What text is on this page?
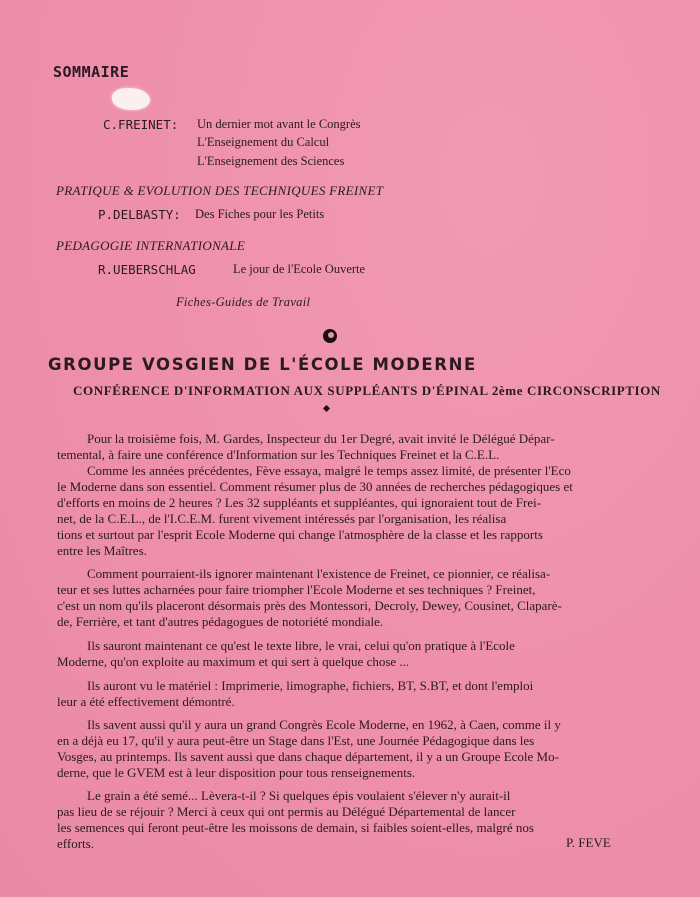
SOMMAIRE
C.FREINET: Un dernier mot avant le Congrès
L'Enseignement du Calcul
L'Enseignement des Sciences
PRATIQUE & EVOLUTION DES TECHNIQUES FREINET
P.DELBASTY: Des Fiches pour les Petits
PEDAGOGIE INTERNATIONALE
R.UEBERSCHLAG	Le jour de l'Ecole Ouverte
Fiches-Guides de Travail
GROUPE VOSGIEN DE L'ÉCOLE MODERNE
CONFÉRENCE D'INFORMATION AUX SUPPLÉANTS D'ÉPINAL 2ème CIRCONSCRIPTION
Pour la troisième fois, M. Gardes, Inspecteur du 1er Degré, avait invité le Délégué Dépar-
temental, à faire une conférence d'Information sur les Techniques Freinet et la C.E.L.
Comme les années précédentes, Fève essaya, malgré le temps assez limité, de présenter l'Eco
le Moderne dans son essentiel. Comment résumer plus de 30 années de recherches pédagogiques et
d'efforts en moins de 2 heures ? Les 32 suppléants et suppléantes, qui ignoraient tout de Frei-
net, de la C.E.L., de l'I.C.E.M. furent vivement intéressés par l'organisation, les réalisa
tions et surtout par l'esprit Ecole Moderne qui change l'atmosphère de la classe et les rapports
entre les Maîtres.
Comment pourraient-ils ignorer maintenant l'existence de Freinet, ce pionnier, ce réalisa-
teur et ses luttes acharnées pour faire triompher l'Ecole Moderne et ses techniques ? Freinet,
c'est un nom qu'ils placeront désormais près des Montessori, Decroly, Dewey, Cousinet, Claparè-
de, Ferrière, et tant d'autres pédagogues de notoriété mondiale.
Ils sauront maintenant ce qu'est le texte libre, le vrai, celui qu'on pratique à l'Ecole
Moderne, qu'on exploite au maximum et qui sert à quelque chose ...
Ils auront vu le matériel : Imprimerie, limographe, fichiers, BT, S.BT, et dont l'emploi
leur a été effectivement démontré.
Ils savent aussi qu'il y aura un grand Congrès Ecole Moderne, en 1962, à Caen, comme il y
en a déjà eu 17, qu'il y aura peut-être un Stage dans l'Est, une Journée Pédagogique dans les
Vosges, au printemps. Ils savent aussi que dans chaque département, il y a un Groupe Ecole Mo-
derne, que le GVEM est à leur disposition pour tous renseignements.
Le grain a été semé... Lèvera-t-il ? Si quelques épis voulaient s'élever n'y aurait-il
pas lieu de se réjouir ? Merci à ceux qui ont permis au Délégué Départemental de lancer
les semences qui feront peut-être les moissons de demain, si faibles soient-elles, malgré nos
efforts.	P. FEVE
